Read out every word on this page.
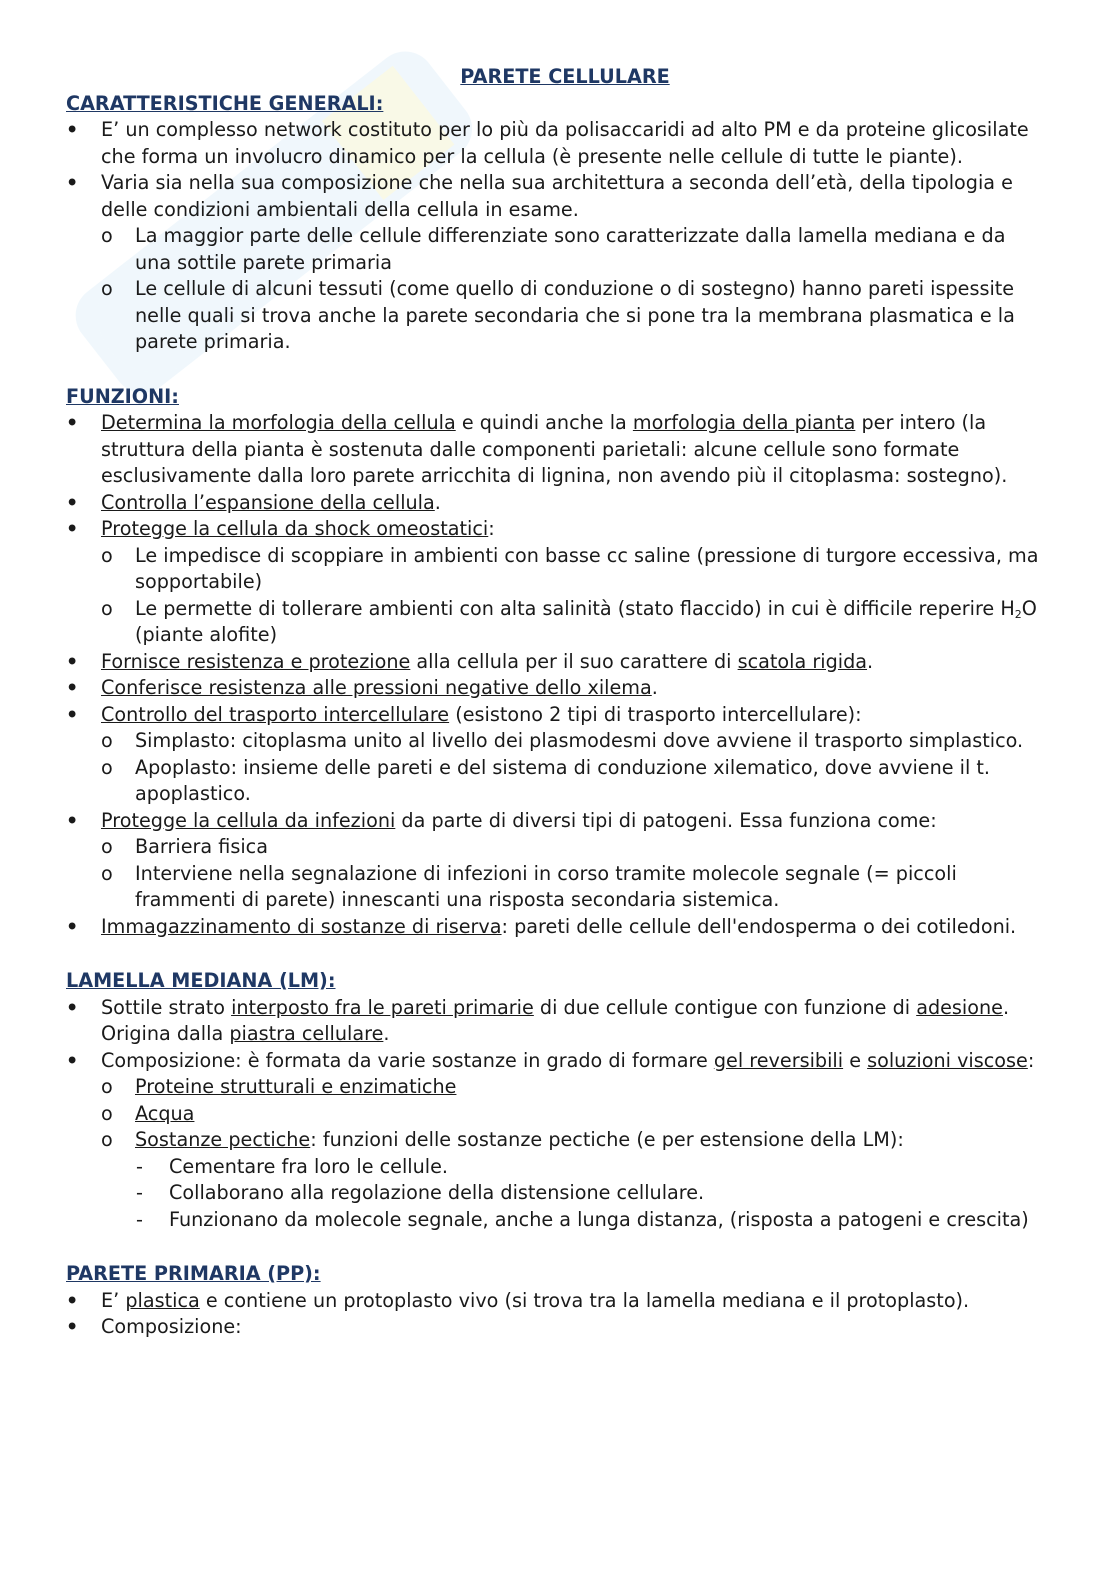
PARETE CELLULARE
CARATTERISTICHE GENERALI:
• E’ un complesso network costituto per lo più da polisaccaridi ad alto PM e da proteine glicosilate che forma un involucro dinamico per la cellula (è presente nelle cellule di tutte le piante).
• Varia sia nella sua composizione che nella sua architettura a seconda dell’età, della tipologia e delle condizioni ambientali della cellula in esame.
o La maggior parte delle cellule differenziate sono caratterizzate dalla lamella mediana e da una sottile parete primaria
o Le cellule di alcuni tessuti (come quello di conduzione o di sostegno) hanno pareti ispessite nelle quali si trova anche la parete secondaria che si pone tra la membrana plasmatica e la parete primaria.
FUNZIONI:
• Determina la morfologia della cellula e quindi anche la morfologia della pianta per intero (la struttura della pianta è sostenuta dalle componenti parietali: alcune cellule sono formate esclusivamente dalla loro parete arricchita di lignina, non avendo più il citoplasma: sostegno).
• Controlla l’espansione della cellula.
• Protegge la cellula da shock omeostatici:
o Le impedisce di scoppiare in ambienti con basse cc saline (pressione di turgore eccessiva, ma sopportabile)
o Le permette di tollerare ambienti con alta salinità (stato flaccido) in cui è difficile reperire $H_2O$ (piante alofite)
• Fornisce resistenza e protezione alla cellula per il suo carattere di scatola rigida.
• Conferisce resistenza alle pressioni negative dello xilema.
• Controllo del trasporto intercellulare (esistono 2 tipi di trasporto intercellulare):
o Simplasto: citoplasma unito al livello dei plasmodesmi dove avviene il trasporto simplastico.
o Apoplasto: insieme delle pareti e del sistema di conduzione xilematico, dove avviene il t. apoplastico.
• Protegge la cellula da infezioni da parte di diversi tipi di patogeni. Essa funziona come:
o Barriera fisica
o Interviene nella segnalazione di infezioni in corso tramite molecole segnale (= piccoli frammenti di parete) innescanti una risposta secondaria sistemica.
• Immagazzinamento di sostanze di riserva: pareti delle cellule dell'endosperma o dei cotiledoni.
LAMELLA MEDIANA (LM):
• Sottile strato interposto fra le pareti primarie di due cellule contigue con funzione di adesione. Origina dalla piastra cellulare.
• Composizione: è formata da varie sostanze in grado di formare gel reversibili e soluzioni viscose:
o Proteine strutturali e enzimatiche
o Acqua
o Sostanze pectiche: funzioni delle sostanze pectiche (e per estensione della LM):
- Cementare fra loro le cellule.
- Collaborano alla regolazione della distensione cellulare.
- Funzionano da molecole segnale, anche a lunga distanza, (risposta a patogeni e crescita)
PARETE PRIMARIA (PP):
• E’ plastica e contiene un protoplasto vivo (si trova tra la lamella mediana e il protoplasto).
• Composizione:
